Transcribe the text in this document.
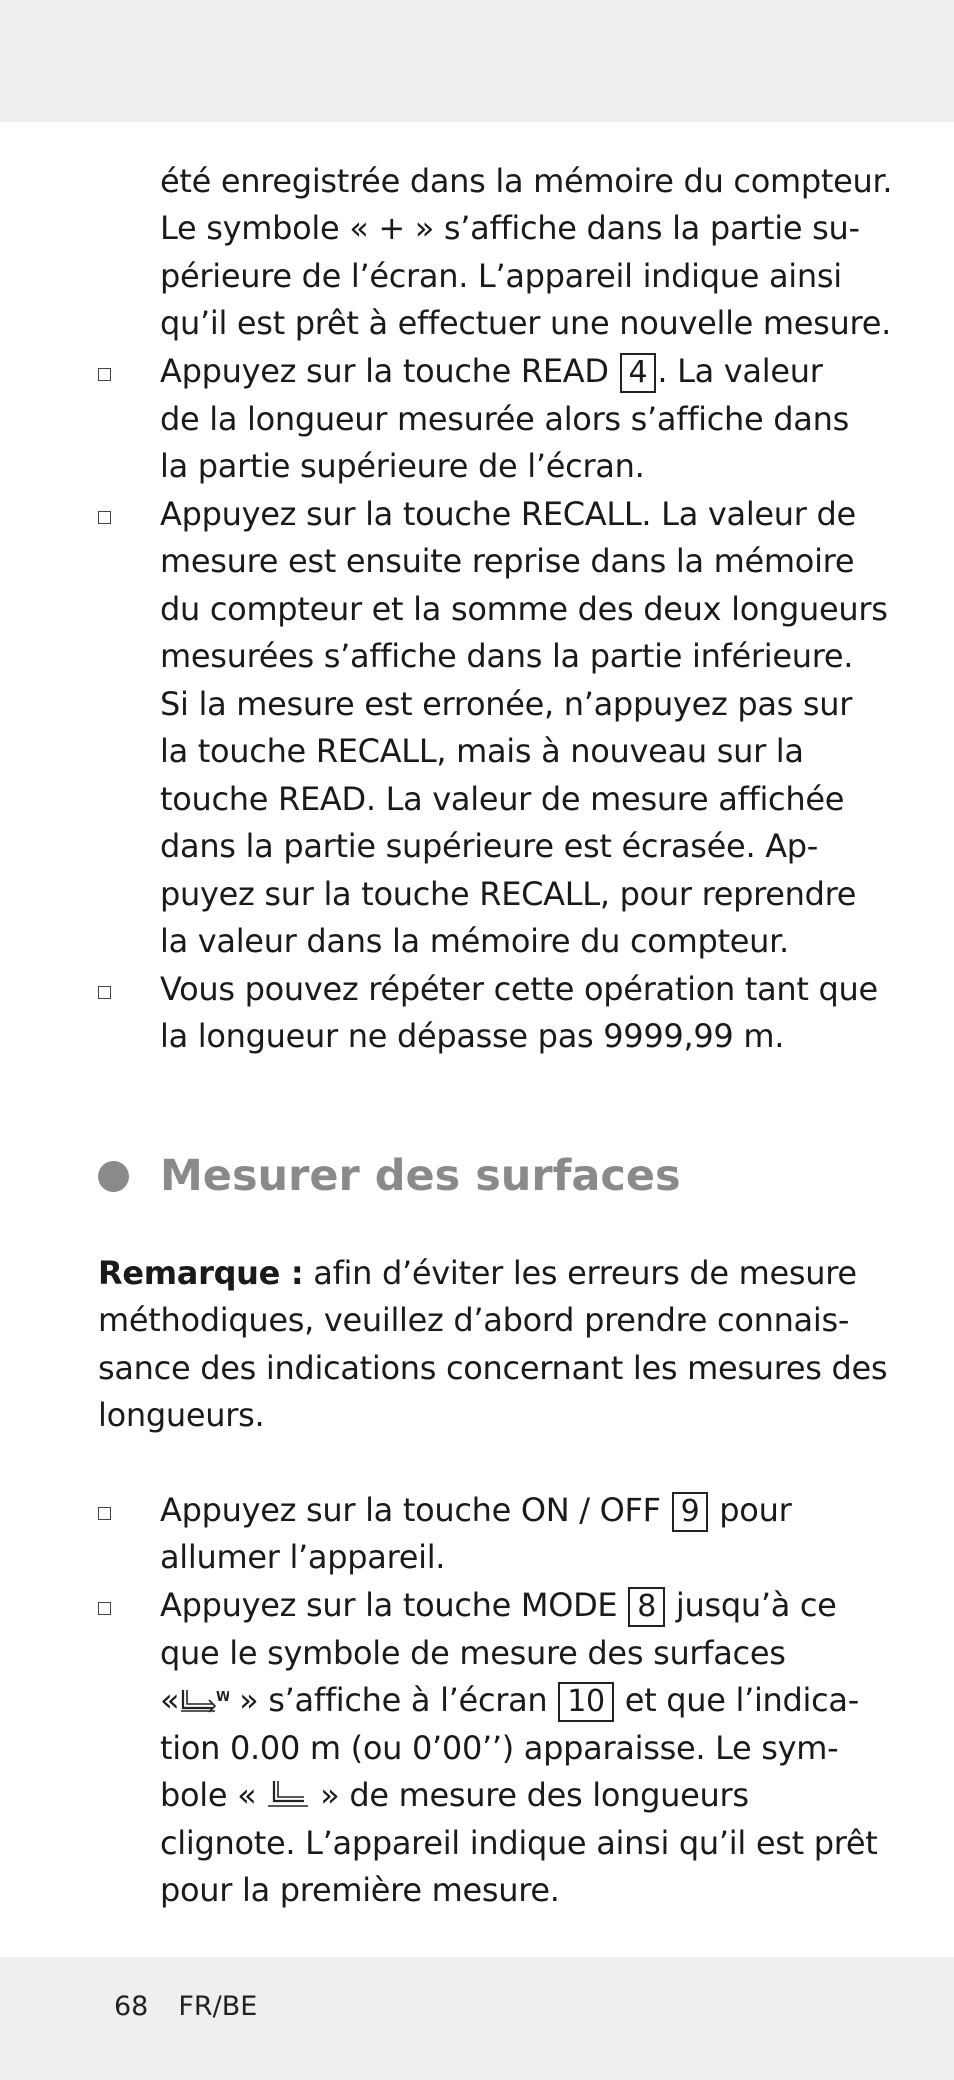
été enregistrée dans la mémoire du compteur.
Le symbole « + » s’affiche dans la partie su-
périeure de l’écran. L’appareil indique ainsi
qu’il est prêt à effectuer une nouvelle mesure.
Appuyez sur la touche READ 4 . La valeur
de la longueur mesurée alors s’affiche dans
la partie supérieure de l’écran.
Appuyez sur la touche RECALL. La valeur de
mesure est ensuite reprise dans la mémoire
du compteur et la somme des deux longueurs
mesurées s’affiche dans la partie inférieure.
Si la mesure est erronée, n’appuyez pas sur
la touche RECALL, mais à nouveau sur la
touche READ. La valeur de mesure affichée
dans la partie supérieure est écrasée. Ap-
puyez sur la touche RECALL, pour reprendre
la valeur dans la mémoire du compteur.
Vous pouvez répéter cette opération tant que
la longueur ne dépasse pas 9999,99 m.
Mesurer des surfaces
Remarque : afin d’éviter les erreurs de mesure
méthodiques, veuillez d’abord prendre connais-
sance des indications concernant les mesures des
longueurs.
Appuyez sur la touche ON / OFF 9 pour
allumer l’appareil.
Appuyez sur la touche MODE 8 jusqu’à ce
que le symbole de mesure des surfaces
«	W
» s’affiche à l’écran 10 et que l’indica-
tion 0.00 m (ou 0’00’’) apparaisse. Le sym-
bole «  » de mesure des longueurs
clignote. L’appareil indique ainsi qu’il est prêt
pour la première mesure.
68 FR/BE
